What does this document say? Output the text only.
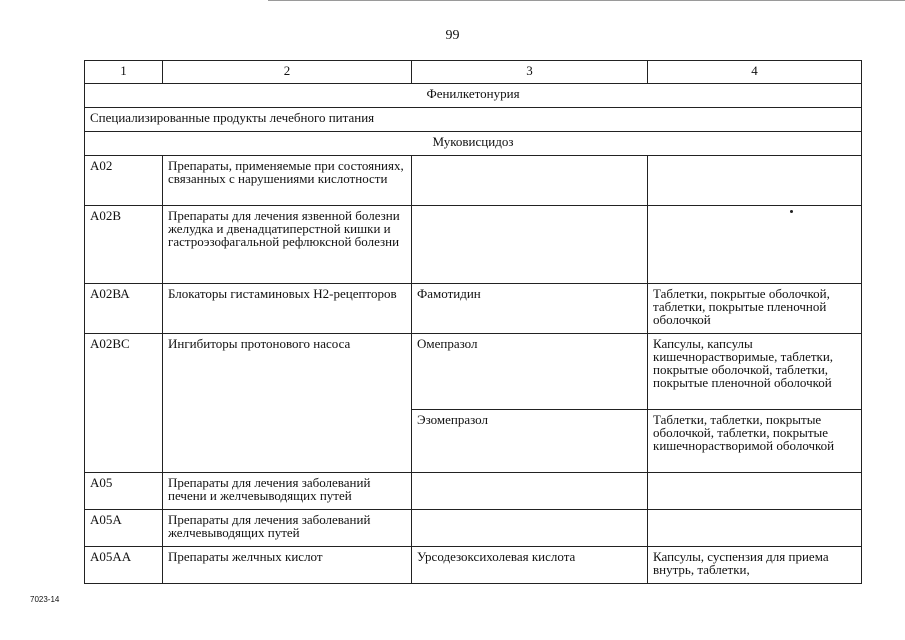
99
1	2	3	4
Фенилкетонурия			
Специализированные продукты лечебного питания			
Муковисцидоз			
А02	Препараты, применяемые при состояниях, связанных с нарушениями кислотности		
А02В	Препараты для лечения язвенной болезни желудка и двенадцатиперстной кишки и гастроэзофагальной рефлюксной болезни		
А02ВА	Блокаторы гистаминовых Н2-рецепторов	Фамотидин	Таблетки, покрытые оболочкой, таблетки, покрытые пленочной оболочкой
А02ВС	Ингибиторы протонового насоса	Омепразол	Капсулы, капсулы кишечнорастворимые, таблетки, покрытые оболочкой, таблетки, покрытые пленочной оболочкой
		Эзомепразол	Таблетки, таблетки, покрытые оболочкой, таблетки, покрытые кишечнорастворимой оболочкой
А05	Препараты для лечения заболеваний печени и желчевыводящих путей		
А05А	Препараты для лечения заболеваний желчевыводящих путей		
А05АА	Препараты желчных кислот	Урсодезоксихолевая кислота	Капсулы, суспензия для приема внутрь, таблетки,
7023-14
